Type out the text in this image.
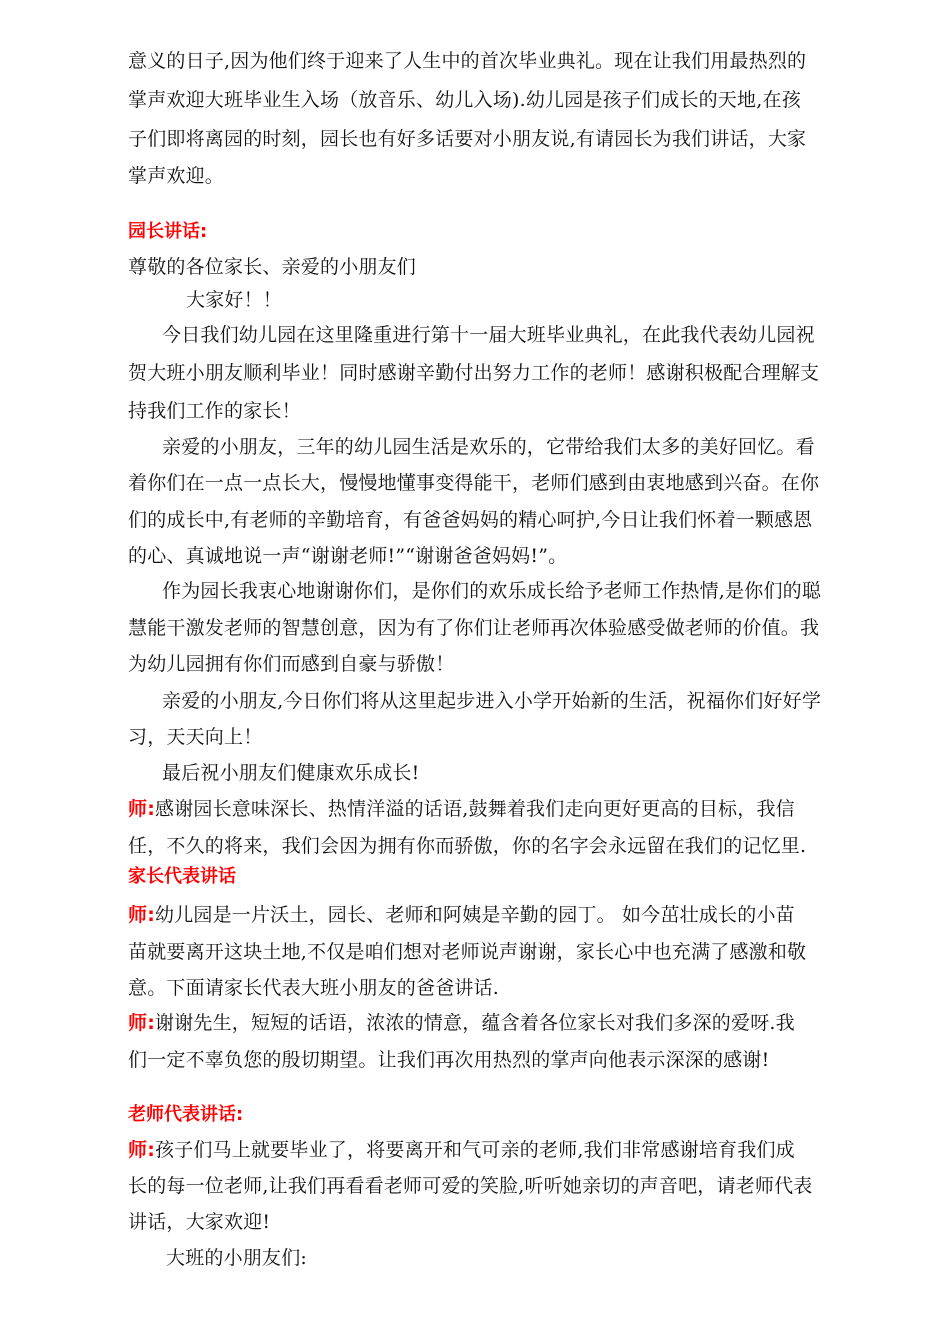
意义的日子,因为他们终于迎来了人生中的首次毕业典礼。现在让我们用最热烈的

掌声欢迎大班毕业生入场（放音乐、幼儿入场).幼儿园是孩子们成长的天地,在孩

子们即将离园的时刻，园长也有好多话要对小朋友说,有请园长为我们讲话，大家

掌声欢迎。

园长讲话:

尊敬的各位家长、亲爱的小朋友们

大家好！！

今日我们幼儿园在这里隆重进行第十一届大班毕业典礼，在此我代表幼儿园祝

贺大班小朋友顺利毕业！同时感谢辛勤付出努力工作的老师！感谢积极配合理解支

持我们工作的家长！

亲爱的小朋友，三年的幼儿园生活是欢乐的，它带给我们太多的美好回忆。看

着你们在一点一点长大，慢慢地懂事变得能干，老师们感到由衷地感到兴奋。在你

们的成长中,有老师的辛勤培育，有爸爸妈妈的精心呵护,今日让我们怀着一颗感恩

的心、真诚地说一声“谢谢老师!”“谢谢爸爸妈妈!”。

作为园长我衷心地谢谢你们，是你们的欢乐成长给予老师工作热情,是你们的聪

慧能干激发老师的智慧创意，因为有了你们让老师再次体验感受做老师的价值。我

为幼儿园拥有你们而感到自豪与骄傲！

亲爱的小朋友,今日你们将从这里起步进入小学开始新的生活，祝福你们好好学

习，天天向上！

最后祝小朋友们健康欢乐成长!

师:感谢园长意味深长、热情洋溢的话语,鼓舞着我们走向更好更高的目标，我信

任，不久的将来，我们会因为拥有你而骄傲，你的名字会永远留在我们的记忆里.

家长代表讲话

师:幼儿园是一片沃土，园长、老师和阿姨是辛勤的园丁。 如今茁壮成长的小苗

苗就要离开这块土地,不仅是咱们想对老师说声谢谢，家长心中也充满了感激和敬

意。下面请家长代表大班小朋友的爸爸讲话.

师:谢谢先生，短短的话语，浓浓的情意，蕴含着各位家长对我们多深的爱呀.我

们一定不辜负您的殷切期望。让我们再次用热烈的掌声向他表示深深的感谢!

老师代表讲话:

师:孩子们马上就要毕业了，将要离开和气可亲的老师,我们非常感谢培育我们成

长的每一位老师,让我们再看看老师可爱的笑脸,听听她亲切的声音吧，请老师代表

讲话，大家欢迎!

大班的小朋友们:
